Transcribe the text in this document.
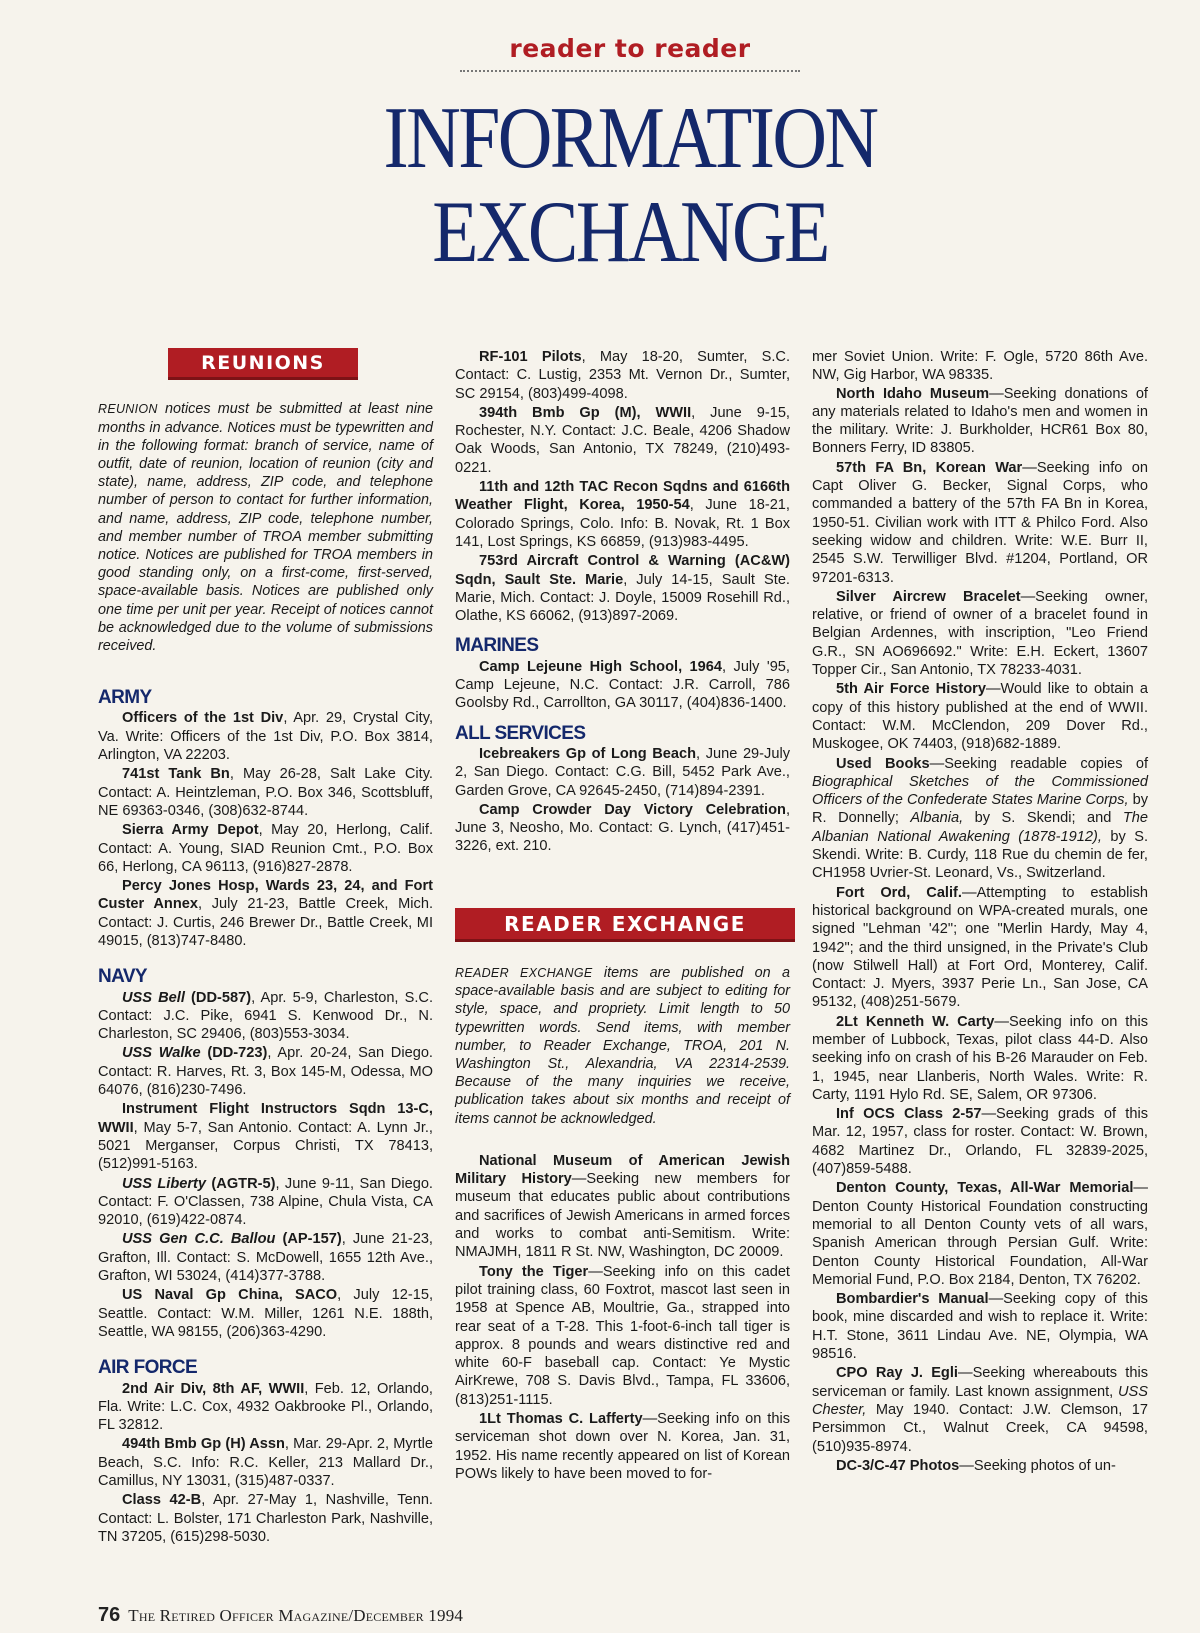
reader to reader
INFORMATION
EXCHANGE
REUNIONS

REUNION notices must be submitted at least nine months in advance. Notices must be typewritten and in the following format: branch of service, name of outfit, date of reunion, location of reunion (city and state), name, address, ZIP code, and telephone number of person to contact for further information, and name, address, ZIP code, telephone number, and member number of TROA member submitting notice. Notices are published for TROA members in good standing only, on a first-come, first-served, space-available basis. Notices are published only one time per unit per year. Receipt of notices cannot be acknowledged due to the volume of submissions received.

ARMY

Officers of the 1st Div, Apr. 29, Crystal City, Va. Write: Officers of the 1st Div, P.O. Box 3814, Arlington, VA 22203.

741st Tank Bn, May 26-28, Salt Lake City. Contact: A. Heintzleman, P.O. Box 346, Scottsbluff, NE 69363-0346, (308)632-8744.

Sierra Army Depot, May 20, Herlong, Calif. Contact: A. Young, SIAD Reunion Cmt., P.O. Box 66, Herlong, CA 96113, (916)827-2878.

Percy Jones Hosp, Wards 23, 24, and Fort Custer Annex, July 21-23, Battle Creek, Mich. Contact: J. Curtis, 246 Brewer Dr., Battle Creek, MI 49015, (813)747-8480.

NAVY

USS Bell (DD-587), Apr. 5-9, Charleston, S.C. Contact: J.C. Pike, 6941 S. Kenwood Dr., N. Charleston, SC 29406, (803)553-3034.

USS Walke (DD-723), Apr. 20-24, San Diego. Contact: R. Harves, Rt. 3, Box 145-M, Odessa, MO 64076, (816)230-7496.

Instrument Flight Instructors Sqdn 13-C, WWII, May 5-7, San Antonio. Contact: A. Lynn Jr., 5021 Merganser, Corpus Christi, TX 78413, (512)991-5163.

USS Liberty (AGTR-5), June 9-11, San Diego. Contact: F. O'Classen, 738 Alpine, Chula Vista, CA 92010, (619)422-0874.

USS Gen C.C. Ballou (AP-157), June 21-23, Grafton, Ill. Contact: S. McDowell, 1655 12th Ave., Grafton, WI 53024, (414)377-3788.

US Naval Gp China, SACO, July 12-15, Seattle. Contact: W.M. Miller, 1261 N.E. 188th, Seattle, WA 98155, (206)363-4290.

AIR FORCE

2nd Air Div, 8th AF, WWII, Feb. 12, Orlando, Fla. Write: L.C. Cox, 4932 Oakbrooke Pl., Orlando, FL 32812.

494th Bmb Gp (H) Assn, Mar. 29-Apr. 2, Myrtle Beach, S.C. Info: R.C. Keller, 213 Mallard Dr., Camillus, NY 13031, (315)487-0337.

Class 42-B, Apr. 27-May 1, Nashville, Tenn. Contact: L. Bolster, 171 Charleston Park, Nashville, TN 37205, (615)298-5030.

RF-101 Pilots, May 18-20, Sumter, S.C. Contact: C. Lustig, 2353 Mt. Vernon Dr., Sumter, SC 29154, (803)499-4098.

394th Bmb Gp (M), WWII, June 9-15, Rochester, N.Y. Contact: J.C. Beale, 4206 Shadow Oak Woods, San Antonio, TX 78249, (210)493-0221.

11th and 12th TAC Recon Sqdns and 6166th Weather Flight, Korea, 1950-54, June 18-21, Colorado Springs, Colo. Info: B. Novak, Rt. 1 Box 141, Lost Springs, KS 66859, (913)983-4495.

753rd Aircraft Control & Warning (AC&W) Sqdn, Sault Ste. Marie, July 14-15, Sault Ste. Marie, Mich. Contact: J. Doyle, 15009 Rosehill Rd., Olathe, KS 66062, (913)897-2069.

MARINES

Camp Lejeune High School, 1964, July '95, Camp Lejeune, N.C. Contact: J.R. Carroll, 786 Goolsby Rd., Carrollton, GA 30117, (404)836-1400.

ALL SERVICES

Icebreakers Gp of Long Beach, June 29-July 2, San Diego. Contact: C.G. Bill, 5452 Park Ave., Garden Grove, CA 92645-2450, (714)894-2391.

Camp Crowder Day Victory Celebration, June 3, Neosho, Mo. Contact: G. Lynch, (417)451-3226, ext. 210.

READER EXCHANGE

READER EXCHANGE items are published on a space-available basis and are subject to editing for style, space, and propriety. Limit length to 50 typewritten words. Send items, with member number, to Reader Exchange, TROA, 201 N. Washington St., Alexandria, VA 22314-2539. Because of the many inquiries we receive, publication takes about six months and receipt of items cannot be acknowledged.

National Museum of American Jewish Military History—Seeking new members for museum that educates public about contributions and sacrifices of Jewish Americans in armed forces and works to combat anti-Semitism. Write: NMAJMH, 1811 R St. NW, Washington, DC 20009.

Tony the Tiger—Seeking info on this cadet pilot training class, 60 Foxtrot, mascot last seen in 1958 at Spence AB, Moultrie, Ga., strapped into rear seat of a T-28. This 1-foot-6-inch tall tiger is approx. 8 pounds and wears distinctive red and white 60-F baseball cap. Contact: Ye Mystic AirKrewe, 708 S. Davis Blvd., Tampa, FL 33606, (813)251-1115.

1Lt Thomas C. Lafferty—Seeking info on this serviceman shot down over N. Korea, Jan. 31, 1952. His name recently appeared on list of Korean POWs likely to have been moved to for-

mer Soviet Union. Write: F. Ogle, 5720 86th Ave. NW, Gig Harbor, WA 98335.

North Idaho Museum—Seeking donations of any materials related to Idaho's men and women in the military. Write: J. Burkholder, HCR61 Box 80, Bonners Ferry, ID 83805.

57th FA Bn, Korean War—Seeking info on Capt Oliver G. Becker, Signal Corps, who commanded a battery of the 57th FA Bn in Korea, 1950-51. Civilian work with ITT & Philco Ford. Also seeking widow and children. Write: W.E. Burr II, 2545 S.W. Terwilliger Blvd. #1204, Portland, OR 97201-6313.

Silver Aircrew Bracelet—Seeking owner, relative, or friend of owner of a bracelet found in Belgian Ardennes, with inscription, "Leo Friend G.R., SN AO696692." Write: E.H. Eckert, 13607 Topper Cir., San Antonio, TX 78233-4031.

5th Air Force History—Would like to obtain a copy of this history published at the end of WWII. Contact: W.M. McClendon, 209 Dover Rd., Muskogee, OK 74403, (918)682-1889.

Used Books—Seeking readable copies of Biographical Sketches of the Commissioned Officers of the Confederate States Marine Corps, by R. Donnelly; Albania, by S. Skendi; and The Albanian National Awakening (1878-1912), by S. Skendi. Write: B. Curdy, 118 Rue du chemin de fer, CH1958 Uvrier-St. Leonard, Vs., Switzerland.

Fort Ord, Calif.—Attempting to establish historical background on WPA-created murals, one signed "Lehman '42"; one "Merlin Hardy, May 4, 1942"; and the third unsigned, in the Private's Club (now Stilwell Hall) at Fort Ord, Monterey, Calif. Contact: J. Myers, 3937 Perie Ln., San Jose, CA 95132, (408)251-5679.

2Lt Kenneth W. Carty—Seeking info on this member of Lubbock, Texas, pilot class 44-D. Also seeking info on crash of his B-26 Marauder on Feb. 1, 1945, near Llanberis, North Wales. Write: R. Carty, 1191 Hylo Rd. SE, Salem, OR 97306.

Inf OCS Class 2-57—Seeking grads of this Mar. 12, 1957, class for roster. Contact: W. Brown, 4682 Martinez Dr., Orlando, FL 32839-2025, (407)859-5488.

Denton County, Texas, All-War Memorial—Denton County Historical Foundation constructing memorial to all Denton County vets of all wars, Spanish American through Persian Gulf. Write: Denton County Historical Foundation, All-War Memorial Fund, P.O. Box 2184, Denton, TX 76202.

Bombardier's Manual—Seeking copy of this book, mine discarded and wish to replace it. Write: H.T. Stone, 3611 Lindau Ave. NE, Olympia, WA 98516.

CPO Ray J. Egli—Seeking whereabouts this serviceman or family. Last known assignment, USS Chester, May 1940. Contact: J.W. Clemson, 17 Persimmon Ct., Walnut Creek, CA 94598, (510)935-8974.

DC-3/C-47 Photos—Seeking photos of un-

76 The Retired Officer Magazine/December 1994
